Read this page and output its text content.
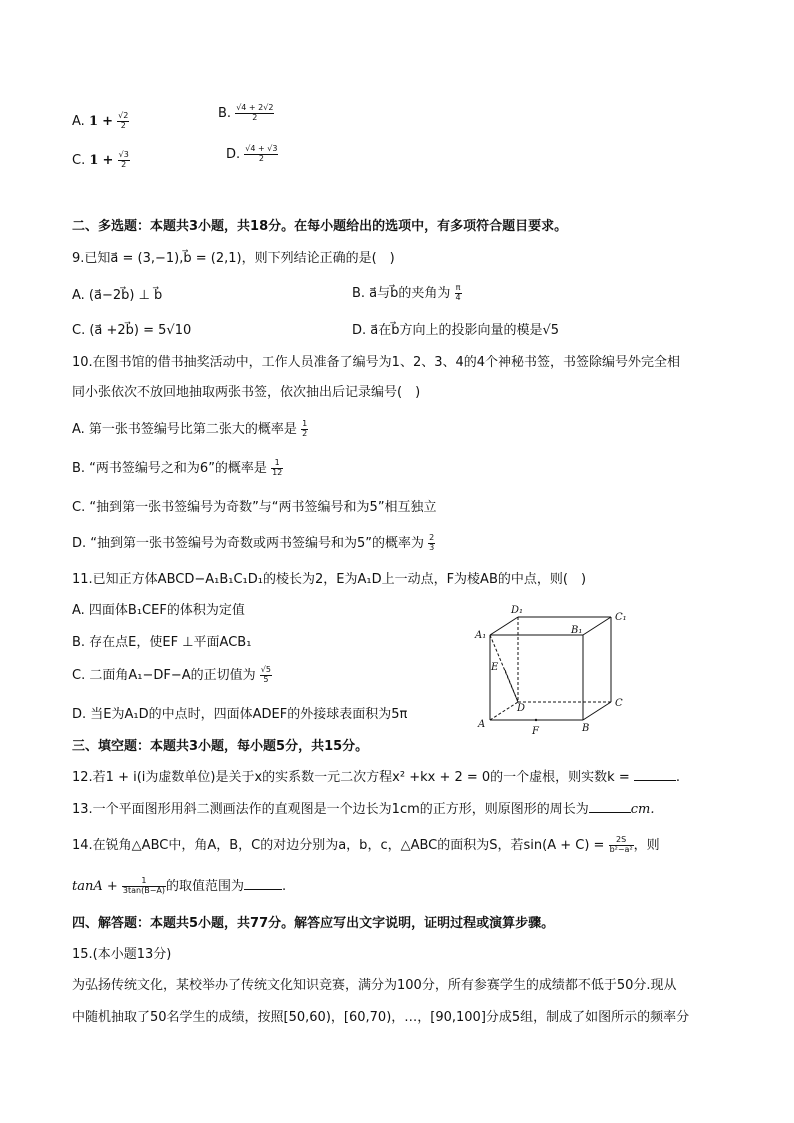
A. $1 + \frac{√2}{2}$	B. $\frac{√4 + 2√2}{2}$
C. $1 + \frac{√3}{2}$	D. $\frac{√4 + √3}{2}$
二、多选题：本题共3小题，共18分。在每小题给出的选项中，有多项符合题目要求。
9.已知a⃗ = (3,−1),b⃗ = (2,1)，则下列结论正确的是(　)
A. (a⃗−2b⃗) ⊥ b⃗	B. a⃗与b⃗的夹角为 $\frac{\pi}{4}$
C. (a⃗ +2b⃗) = 5√10	D. a⃗在b⃗方向上的投影向量的模是√5
10.在图书馆的借书抽奖活动中，工作人员准备了编号为1、2、3、4的4个神秘书签，书签除编号外完全相
同小张依次不放回地抽取两张书签，依次抽出后记录编号(　)
A. 第一张书签编号比第二张大的概率是 $\frac{1}{2}$
B. “两书签编号之和为6”的概率是 $\frac{1}{12}$
C. “抽到第一张书签编号为奇数”与“两书签编号和为5”相互独立
D. “抽到第一张书签编号为奇数或两书签编号和为5”的概率为 $\frac{2}{3}$
11.已知正方体ABCD−A₁B₁C₁D₁的棱长为2，E为A₁D上一动点，F为棱AB的中点，则(　)
A. 四面体B₁CEF的体积为定值
B. 存在点E，使EF ⊥平面ACB₁
C. 二面角A₁−DF−A的正切值为 $\frac{√5}{5}$
D. 当E为A₁D的中点时，四面体ADEF的外接球表面积为5π
D₁
C₁
A₁	B₁
E
D	C
A
F	B
三、填空题：本题共3小题，每小题5分，共15分。
12.若1 + i(i为虚数单位)是关于x的实系数一元二次方程x² +kx + 2 = 0的一个虚根，则实数k =	.
13.一个平面图形用斜二测画法作的直观图是一个边长为1cm的正方形，则原图形的周长为	cm.
14.在锐角△ABC中，角A，B，C的对边分别为a，b，c，△ABC的面积为S，若$\sin(A + C) = \frac{2S}{\text{b²−a²}}$ ，则
$\tan A + \frac{1}{3\tan(B-A)}$ 的取值范围为	.
四、解答题：本题共5小题，共77分。解答应写出文字说明，证明过程或演算步骤。
15.(本小题13分)
为弘扬传统文化，某校举办了传统文化知识竞赛，满分为100分，所有参赛学生的成绩都不低于50分.现从
中随机抽取了50名学生的成绩，按照[50,60)，[60,70)，…，[90,100]分成5组，制成了如图所示的频率分
